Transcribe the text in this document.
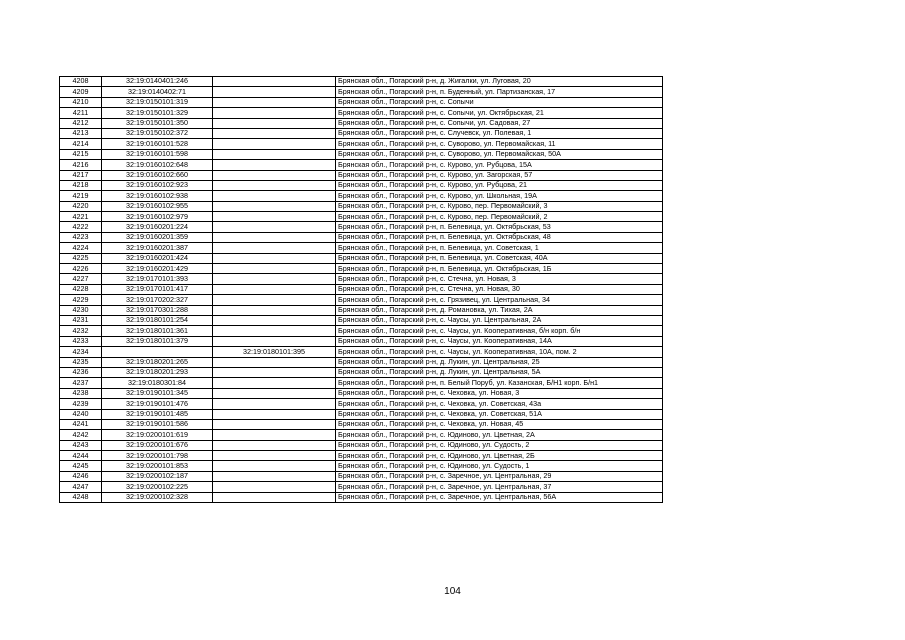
4208	32:19:0140401:246		Брянская обл., Погарский р-н, д. Жигалки, ул. Луговая, 20
4209	32:19:0140402:71		Брянская обл., Погарский р-н, п. Буденный, ул. Партизанская, 17
4210	32:19:0150101:319		Брянская обл., Погарский р-н, с. Сопычи
4211	32:19:0150101:329		Брянская обл., Погарский р-н, с. Сопычи, ул. Октябрьская, 21
4212	32:19:0150101:350		Брянская обл., Погарский р-н, с. Сопычи, ул. Садовая, 27
4213	32:19:0150102:372		Брянская обл., Погарский р-н, с. Случевск, ул. Полевая, 1
4214	32:19:0160101:528		Брянская обл., Погарский р-н, с. Суворово, ул. Первомайская, 11
4215	32:19:0160101:598		Брянская обл., Погарский р-н, с. Суворово, ул. Первомайская, 50А
4216	32:19:0160102:648		Брянская обл., Погарский р-н, с. Курово, ул. Рубцова, 15А
4217	32:19:0160102:660		Брянская обл., Погарский р-н, с. Курово, ул. Загорская, 57
4218	32:19:0160102:923		Брянская обл., Погарский р-н, с. Курово, ул. Рубцова, 21
4219	32:19:0160102:938		Брянская обл., Погарский р-н, с. Курово, ул. Школьная, 19А
4220	32:19:0160102:955		Брянская обл., Погарский р-н, с. Курово, пер. Первомайский, 3
4221	32:19:0160102:979		Брянская обл., Погарский р-н, с. Курово, пер. Первомайский, 2
4222	32:19:0160201:224		Брянская обл., Погарский р-н, п. Белевица, ул. Октябрьская, 53
4223	32:19:0160201:359		Брянская обл., Погарский р-н, п. Белевица, ул. Октябрьская, 48
4224	32:19:0160201:387		Брянская обл., Погарский р-н, п. Белевица, ул. Советская, 1
4225	32:19:0160201:424		Брянская обл., Погарский р-н, п. Белевица, ул. Советская, 40А
4226	32:19:0160201:429		Брянская обл., Погарский р-н, п. Белевица, ул. Октябрьская, 1Б
4227	32:19:0170101:393		Брянская обл., Погарский р-н, с. Стечна, ул. Новая, 3
4228	32:19:0170101:417		Брянская обл., Погарский р-н, с. Стечна, ул. Новая, 30
4229	32:19:0170202:327		Брянская обл., Погарский р-н, с. Грязивец, ул. Центральная, 34
4230	32:19:0170301:288		Брянская обл., Погарский р-н, д. Романовка, ул. Тихая, 2А
4231	32:19:0180101:254		Брянская обл., Погарский р-н, с. Чаусы, ул. Центральная, 2А
4232	32:19:0180101:361		Брянская обл., Погарский р-н, с. Чаусы, ул. Кооперативная, б/н корп. б/н
4233	32:19:0180101:379		Брянская обл., Погарский р-н, с. Чаусы, ул. Кооперативная, 14А
4234		32:19:0180101:395	Брянская обл., Погарский р-н, с. Чаусы, ул. Кооперативная, 10А, пом. 2
4235	32:19:0180201:265		Брянская обл., Погарский р-н, д. Лукин, ул. Центральная, 25
4236	32:19:0180201:293		Брянская обл., Погарский р-н, д. Лукин, ул. Центральная, 5А
4237	32:19:0180301:84		Брянская обл., Погарский р-н, п. Белый Поруб, ул. Казанская, Б/Н1 корп. Б/н1
4238	32:19:0190101:345		Брянская обл., Погарский р-н, с. Чеховка, ул. Новая, 3
4239	32:19:0190101:476		Брянская обл., Погарский р-н, с. Чеховка, ул. Советская, 43а
4240	32:19:0190101:485		Брянская обл., Погарский р-н, с. Чеховка, ул. Советская, 51А
4241	32:19:0190101:586		Брянская обл., Погарский р-н, с. Чеховка, ул. Новая, 45
4242	32:19:0200101:619		Брянская обл., Погарский р-н, с. Юдиново, ул. Цветная, 2А
4243	32:19:0200101:676		Брянская обл., Погарский р-н, с. Юдиново, ул. Судость, 2
4244	32:19:0200101:798		Брянская обл., Погарский р-н, с. Юдиново, ул. Цветная, 2Б
4245	32:19:0200101:853		Брянская обл., Погарский р-н, с. Юдиново, ул. Судость, 1
4246	32:19:0200102:187		Брянская обл., Погарский р-н, с. Заречное, ул. Центральная, 29
4247	32:19:0200102:225		Брянская обл., Погарский р-н, с. Заречное, ул. Центральная, 37
4248	32:19:0200102:328		Брянская обл., Погарский р-н, с. Заречное, ул. Центральная, 56А
104
